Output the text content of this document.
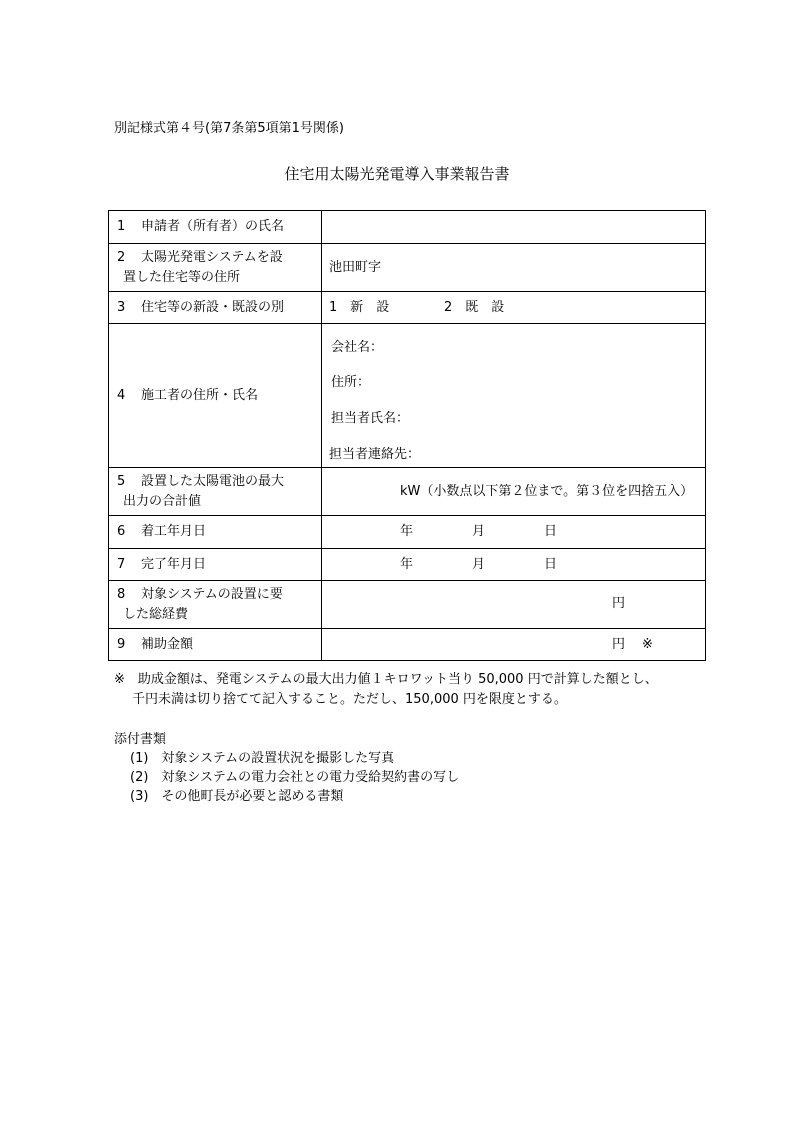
別記様式第４号(第7条第5項第1号関係)
住宅用太陽光発電導入事業報告書
1 申請者（所有者）の氏名	

2 太陽光発電システムを設
置した住宅等の住所	池田町字
3 住宅等の新設・既設の別	1　新　設 2　既　設

4 施工者の住所・氏名	会社名：
住所：
担当者氏名：
担当者連絡先：

5 設置した太陽電池の最大
出力の合計値	kW（小数点以下第２位まで。第３位を四捨五入）

6 着工年月日	年 月 日

7 完了年月日	年 月 日

8 対象システムの設置に要
した総経費	円

9 補助金額	円 ※
※　助成金額は、発電システムの最大出力値１キロワット当り 50,000 円で計算した額とし、
千円未満は切り捨てて記入すること。ただし、150,000 円を限度とする。
添付書類
(1)　対象システムの設置状況を撮影した写真
(2)　対象システムの電力会社との電力受給契約書の写し
(3)　その他町長が必要と認める書類
